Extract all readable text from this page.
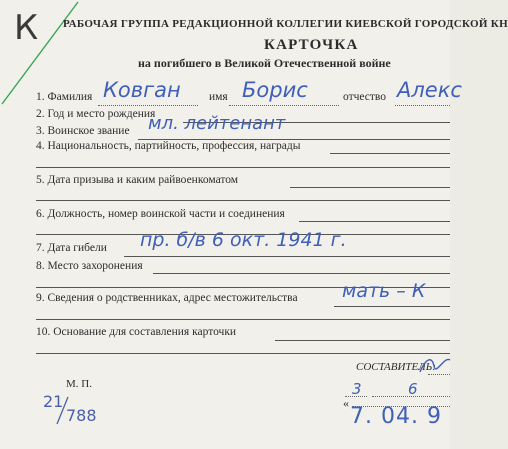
К РАБОЧАЯ ГРУППА РЕДАКЦИОННОЙ КОЛЛЕГИИ КИЕВСКОЙ ГОРОДСКОЙ КН
КАРТОЧКА
на погибшего в Великой Отечественной войне
1. Фамилия Ковган имя Борис	отчество Алекс
2. Год и место рождения
3. Воинское звание мл. лейтенант
4. Национальность, партийность, профессия, награды
5. Дата призыва и каким райвоенкоматом
6. Должность, номер воинской части и соединения
7. Дата гибели пр. б/в 6 окт. 1941 г.
8. Место захоронения
9. Сведения о родственниках, адрес местожительства мать – К
10. Основание для составления карточки
СОСТАВИТЕЛЬ:
М. П.	3	6
«
7. 04. 9
21
788
